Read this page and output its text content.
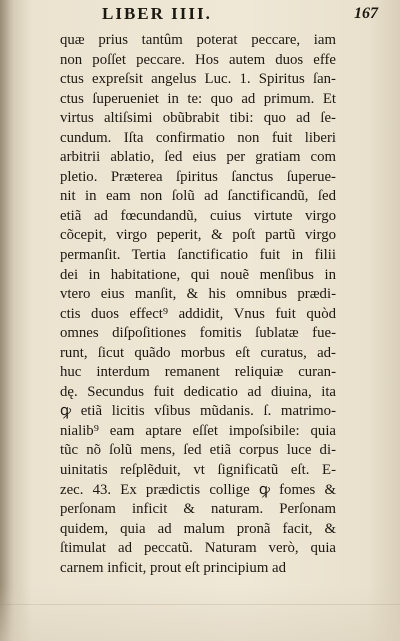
LIBER IIII.	167
quæ prius tantûm poterat peccare, iam
non poſſet peccare. Hos autem duos effe
ctus expreſsit angelus Luc. 1. Spiritus ſan-
ctus ſuperueniet in te: quo ad primum. Et
virtus altiſsimi obũbrabit tibi: quo ad ſe-
cundum. Iſta confirmatio non fuit liberi
arbitrii ablatio, ſed eius per gratiam com
pletio. Præterea ſpiritus ſanctus ſuperue-
nit in eam non ſolũ ad ſanctificandũ, ſed
etiã ad fœcundandũ, cuius virtute virgo
cõcepit, virgo peperit, & poſt partũ virgo
permanſit. Tertia ſanctificatio fuit in filii
dei in habitatione, qui nouẽ menſibus in
vtero eius manſit, & his omnibus prædi-
ctis duos effect⁹ addidit, Vnus fuit quòd
omnes diſpoſitiones fomitis ſublatæ fue-
runt, ſicut quãdo morbus eſt curatus, ad-
huc interdum remanent reliquiæ curan-
dę. Secundus fuit dedicatio ad diuina, ita
ꝙ etiã licitis vſibus mũdanis. ſ. matrimo-
nialib⁹ eam aptare eſſet impoſsibile: quia
tũc nõ ſolũ mens, ſed etiã corpus luce di-
uinitatis reſplẽduit, vt ſignificatũ eſt. E-
zec. 43. Ex prædictis collige ꝙ fomes &
perſonam inficit & naturam. Perſonam
quidem, quia ad malum pronã facit, &
ſtimulat ad peccatũ. Naturam verò, quia
carnem inficit, prout eſt principium ad
